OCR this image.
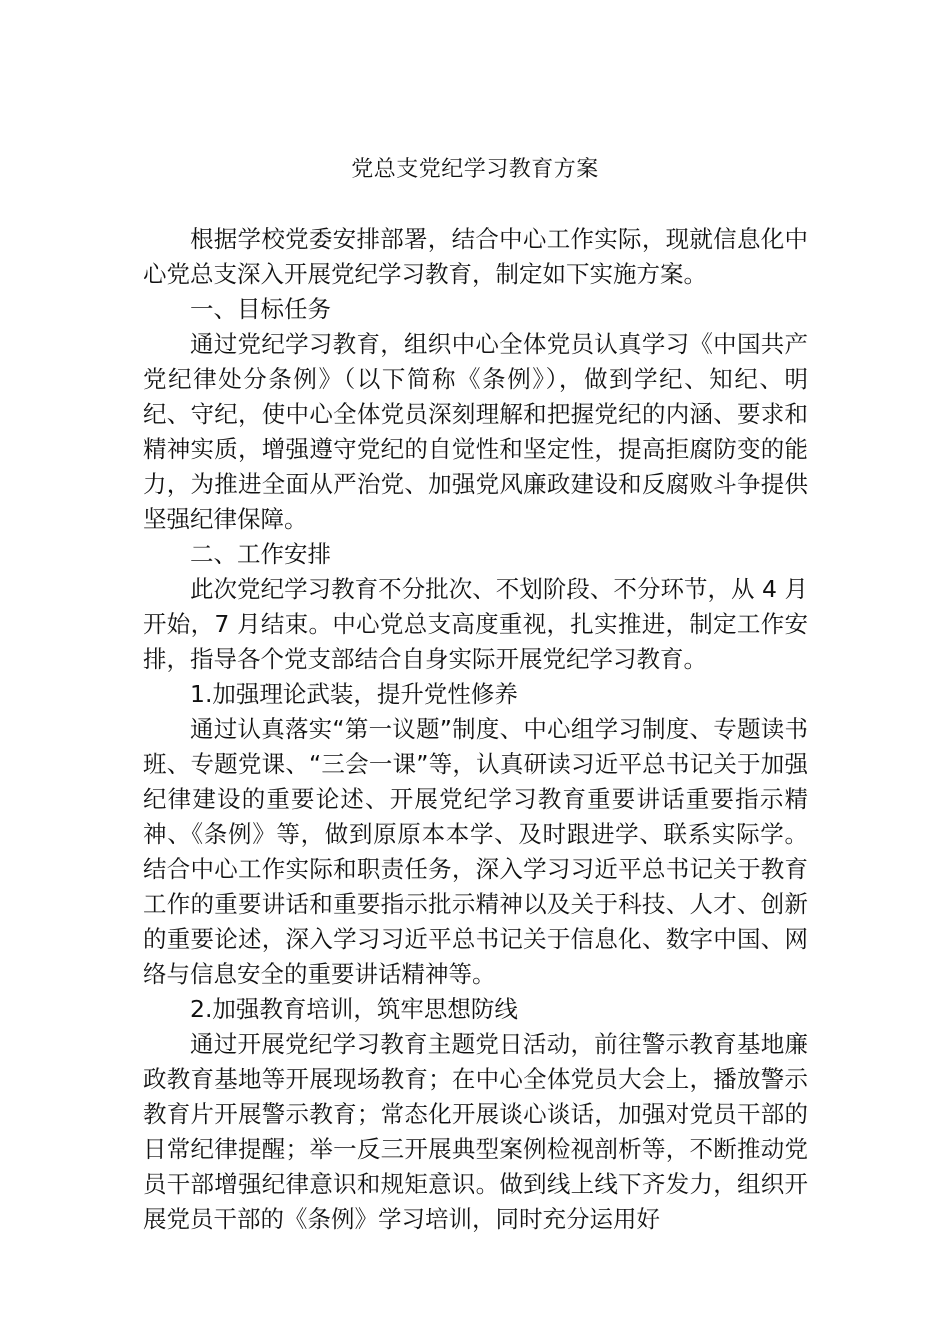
党总支党纪学习教育方案

根据学校党委安排部署，结合中心工作实际，现就信息化中心党总支深入开展党纪学习教育，制定如下实施方案。

一、目标任务

通过党纪学习教育，组织中心全体党员认真学习《中国共产党纪律处分条例》（以下简称《条例》），做到学纪、知纪、明纪、守纪，使中心全体党员深刻理解和把握党纪的内涵、要求和精神实质，增强遵守党纪的自觉性和坚定性，提高拒腐防变的能力，为推进全面从严治党、加强党风廉政建设和反腐败斗争提供坚强纪律保障。

二、工作安排

此次党纪学习教育不分批次、不划阶段、不分环节，从 4 月开始，7 月结束。中心党总支高度重视，扎实推进，制定工作安排，指导各个党支部结合自身实际开展党纪学习教育。

1.加强理论武装，提升党性修养

通过认真落实“第一议题”制度、中心组学习制度、专题读书班、专题党课、“三会一课”等，认真研读习近平总书记关于加强纪律建设的重要论述、开展党纪学习教育重要讲话重要指示精神、《条例》等，做到原原本本学、及时跟进学、联系实际学。结合中心工作实际和职责任务，深入学习习近平总书记关于教育工作的重要讲话和重要指示批示精神以及关于科技、人才、创新的重要论述，深入学习习近平总书记关于信息化、数字中国、网络与信息安全的重要讲话精神等。

2.加强教育培训，筑牢思想防线

通过开展党纪学习教育主题党日活动，前往警示教育基地廉政教育基地等开展现场教育；在中心全体党员大会上，播放警示教育片开展警示教育；常态化开展谈心谈话，加强对党员干部的日常纪律提醒；举一反三开展典型案例检视剖析等，不断推动党员干部增强纪律意识和规矩意识。做到线上线下齐发力，组织开展党员干部的《条例》学习培训，同时充分运用好
